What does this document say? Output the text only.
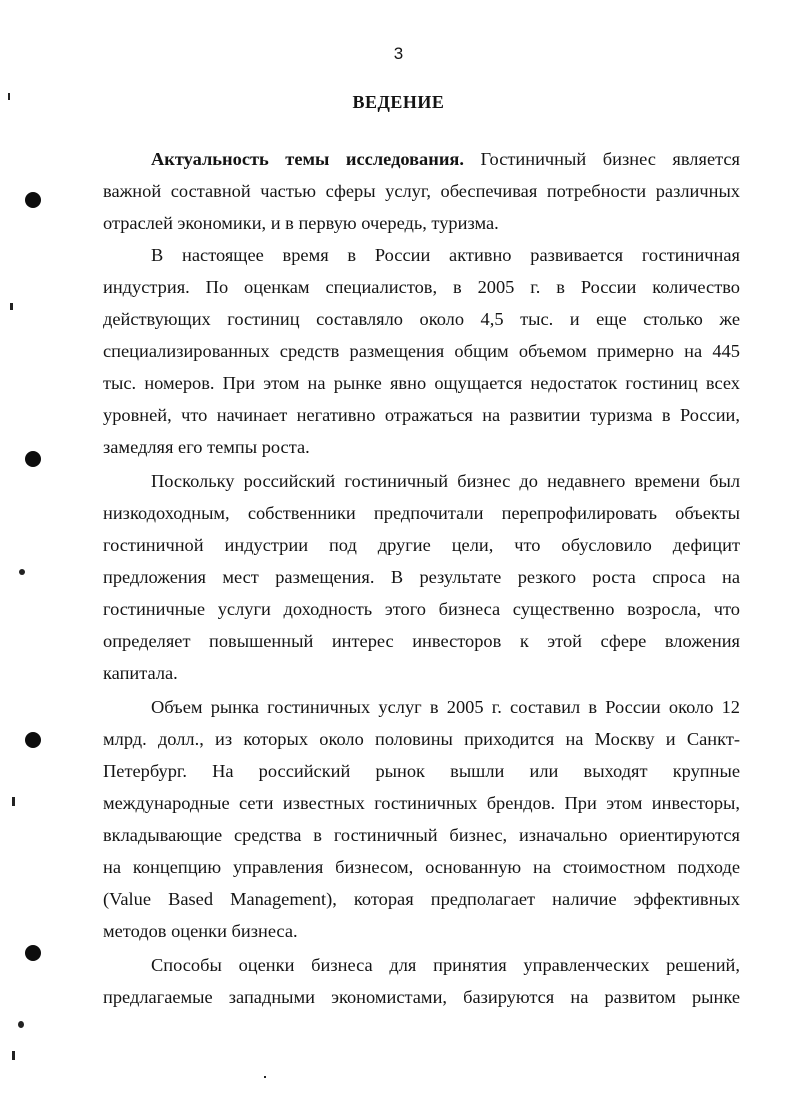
3
ВЕДЕНИЕ
Актуальность темы исследования. Гостиничный бизнес является
важной составной частью сферы услуг, обеспечивая потребности различных
отраслей экономики, и в первую очередь, туризма.
В настоящее время в России активно развивается гостиничная
индустрия. По оценкам специалистов, в 2005 г. в России количество
действующих гостиниц составляло около 4,5 тыс. и еще столько же
специализированных средств размещения общим объемом примерно на 445
тыс. номеров. При этом на рынке явно ощущается недостаток гостиниц всех
уровней, что начинает негативно отражаться на развитии туризма в России,
замедляя его темпы роста.
Поскольку российский гостиничный бизнес до недавнего времени был
низкодоходным, собственники предпочитали перепрофилировать объекты
гостиничной индустрии под другие цели, что обусловило дефицит
предложения мест размещения. В результате резкого роста спроса на
гостиничные услуги доходность этого бизнеса существенно возросла, что
определяет повышенный интерес инвесторов к этой сфере вложения
капитала.
Объем рынка гостиничных услуг в 2005 г. составил в России около 12
млрд. долл., из которых около половины приходится на Москву и Санкт-
Петербург. На российский рынок вышли или выходят крупные
международные сети известных гостиничных брендов. При этом инвесторы,
вкладывающие средства в гостиничный бизнес, изначально ориентируются
на концепцию управления бизнесом, основанную на стоимостном подходе
(Value Based Management), которая предполагает наличие эффективных
методов оценки бизнеса.
Способы оценки бизнеса для принятия управленческих решений,
предлагаемые западными экономистами, базируются на развитом рынке
